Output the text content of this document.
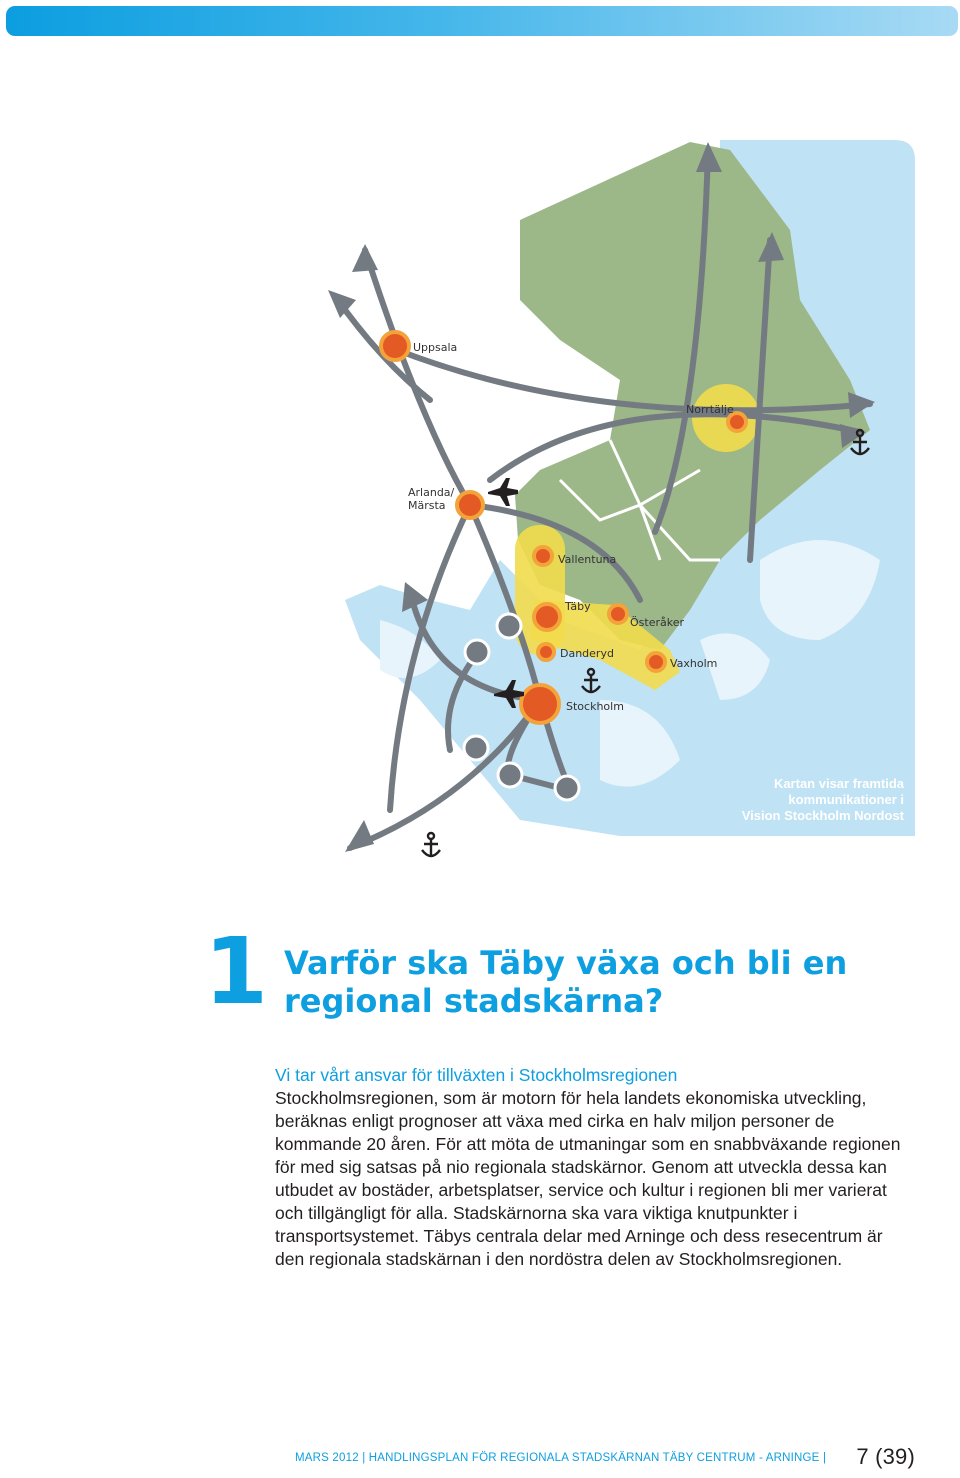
Uppsala
Norrtälje
Arlanda/
Märsta
Vallentuna
Täby
Österåker
Danderyd
Vaxholm
Stockholm
Kartan visar framtida
kommunikationer i
Vision Stockholm Nordost
1 Varför ska Täby växa och bli en
regional stadskärna?
Vi tar vårt ansvar för tillväxten i Stockholmsregionen
Stockholmsregionen, som är motorn för hela landets ekonomiska utveckling, beräknas enligt prognoser att växa med cirka en halv miljon personer de kommande 20 åren. För att möta de utmaningar som en snabbväxande regionen för med sig satsas på nio regionala stadskärnor. Genom att utveckla dessa kan utbudet av bostäder, arbetsplatser, service och kultur i regionen bli mer varierat och tillgängligt för alla. Stadskärnorna ska vara viktiga knutpunkter i transportsystemet. Täbys centrala delar med Arninge och dess resecentrum är den regionala stadskärnan i den nordöstra delen av Stockholmsregionen.
MARS 2012 | HANDLINGSPLAN FÖR REGIONALA STADSKÄRNAN TÄBY CENTRUM - ARNINGE | 7 (39)
